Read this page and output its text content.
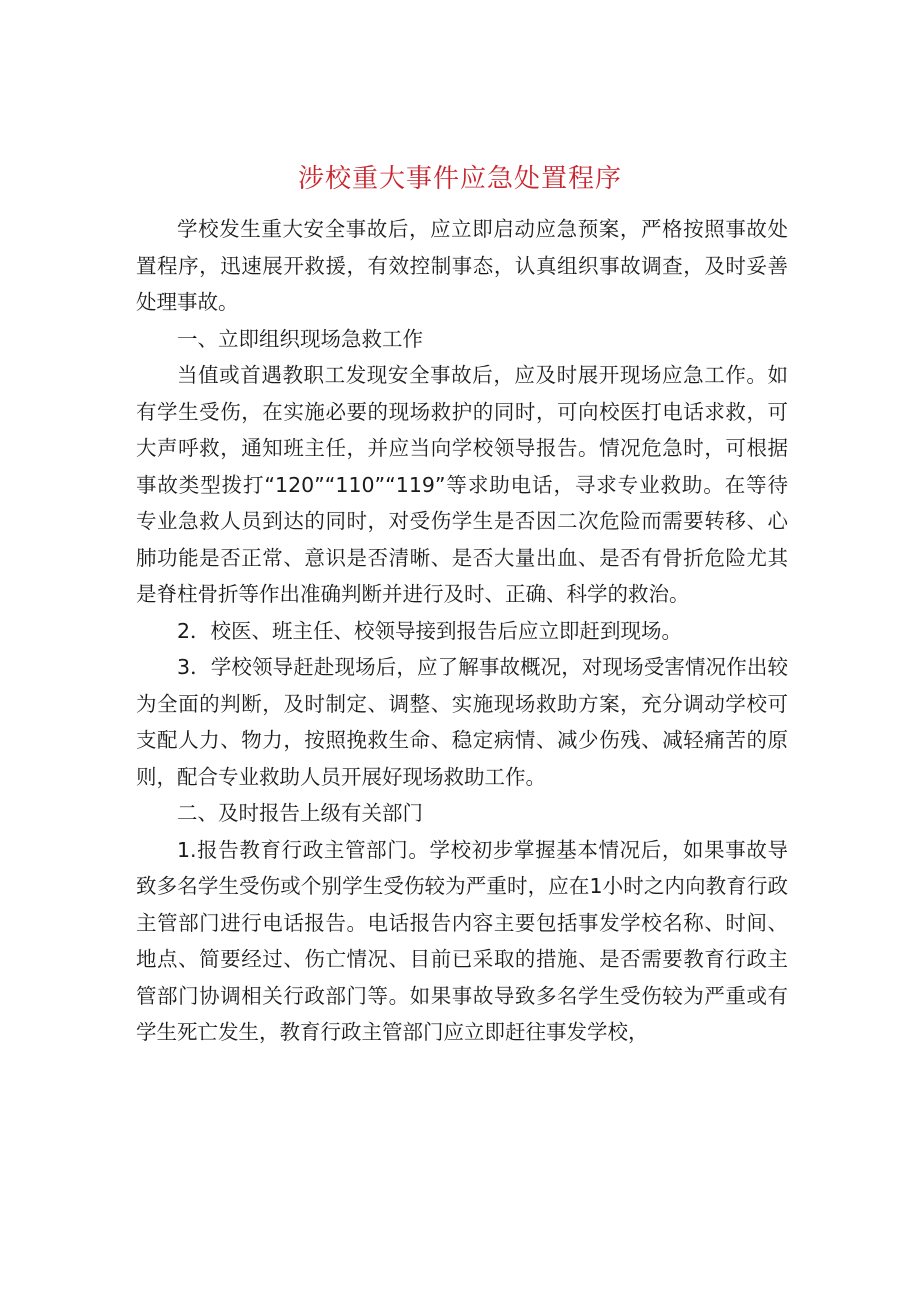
涉校重大事件应急处置程序

学校发生重大安全事故后，应立即启动应急预案，严格按照事故处置程序，迅速展开救援，有效控制事态，认真组织事故调查，及时妥善处理事故。

一、立即组织现场急救工作

当值或首遇教职工发现安全事故后，应及时展开现场应急工作。如有学生受伤，在实施必要的现场救护的同时，可向校医打电话求救，可大声呼救，通知班主任，并应当向学校领导报告。情况危急时，可根据事故类型拨打“120”“110”“119”等求助电话，寻求专业救助。在等待专业急救人员到达的同时，对受伤学生是否因二次危险而需要转移、心肺功能是否正常、意识是否清晰、是否大量出血、是否有骨折危险尤其是脊柱骨折等作出准确判断并进行及时、正确、科学的救治。

2．校医、班主任、校领导接到报告后应立即赶到现场。

3．学校领导赶赴现场后，应了解事故概况，对现场受害情况作出较为全面的判断，及时制定、调整、实施现场救助方案，充分调动学校可支配人力、物力，按照挽救生命、稳定病情、减少伤残、减轻痛苦的原则，配合专业救助人员开展好现场救助工作。

二、及时报告上级有关部门

1.报告教育行政主管部门。学校初步掌握基本情况后，如果事故导致多名学生受伤或个别学生受伤较为严重时，应在1小时之内向教育行政主管部门进行电话报告。电话报告内容主要包括事发学校名称、时间、地点、简要经过、伤亡情况、目前已采取的措施、是否需要教育行政主管部门协调相关行政部门等。如果事故导致多名学生受伤较为严重或有学生死亡发生，教育行政主管部门应立即赶往事发学校，
